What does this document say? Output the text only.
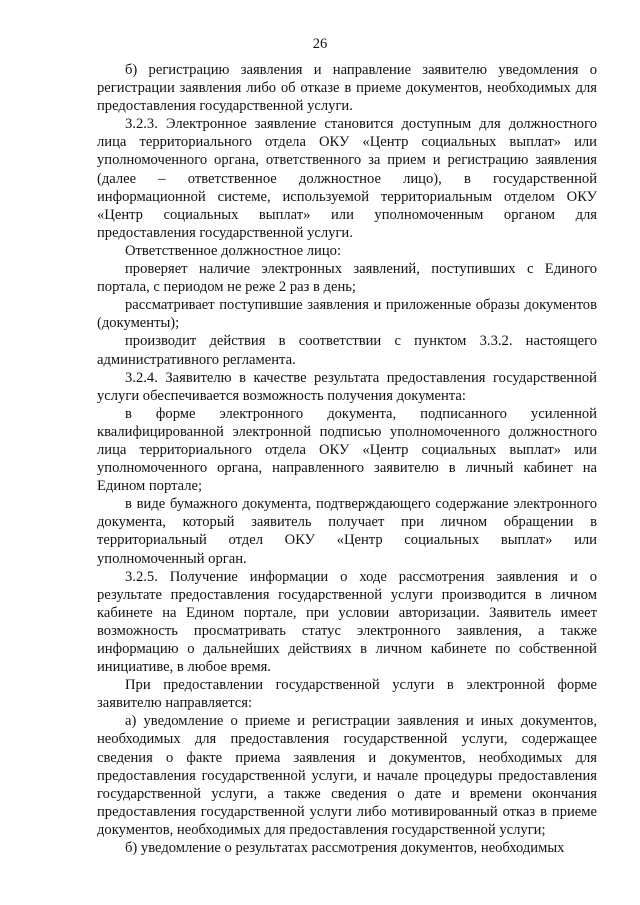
26

б) регистрацию заявления и направление заявителю уведомления о регистрации заявления либо об отказе в приеме документов, необходимых для предоставления государственной услуги.

3.2.3. Электронное заявление становится доступным для должностного лица территориального отдела ОКУ «Центр социальных выплат» или уполномоченного органа, ответственного за прием и регистрацию заявления (далее – ответственное должностное лицо), в государственной информационной системе, используемой территориальным отделом ОКУ «Центр социальных выплат» или уполномоченным органом для предоставления государственной услуги.

Ответственное должностное лицо:

проверяет наличие электронных заявлений, поступивших с Единого портала, с периодом не реже 2 раз в день;

рассматривает поступившие заявления и приложенные образы документов (документы);

производит действия в соответствии с пунктом 3.3.2. настоящего административного регламента.

3.2.4. Заявителю в качестве результата предоставления государственной услуги обеспечивается возможность получения документа:

в форме электронного документа, подписанного усиленной квалифицированной электронной подписью уполномоченного должностного лица территориального отдела ОКУ «Центр социальных выплат» или уполномоченного органа, направленного заявителю в личный кабинет на Едином портале;

в виде бумажного документа, подтверждающего содержание электронного документа, который заявитель получает при личном обращении в территориальный отдел ОКУ «Центр социальных выплат» или уполномоченный орган.

3.2.5. Получение информации о ходе рассмотрения заявления и о результате предоставления государственной услуги производится в личном кабинете на Едином портале, при условии авторизации. Заявитель имеет возможность просматривать статус электронного заявления, а также информацию о дальнейших действиях в личном кабинете по собственной инициативе, в любое время.

При предоставлении государственной услуги в электронной форме заявителю направляется:

а) уведомление о приеме и регистрации заявления и иных документов, необходимых для предоставления государственной услуги, содержащее сведения о факте приема заявления и документов, необходимых для предоставления государственной услуги, и начале процедуры предоставления государственной услуги, а также сведения о дате и времени окончания предоставления государственной услуги либо мотивированный отказ в приеме документов, необходимых для предоставления государственной услуги;

б) уведомление о результатах рассмотрения документов, необходимых
